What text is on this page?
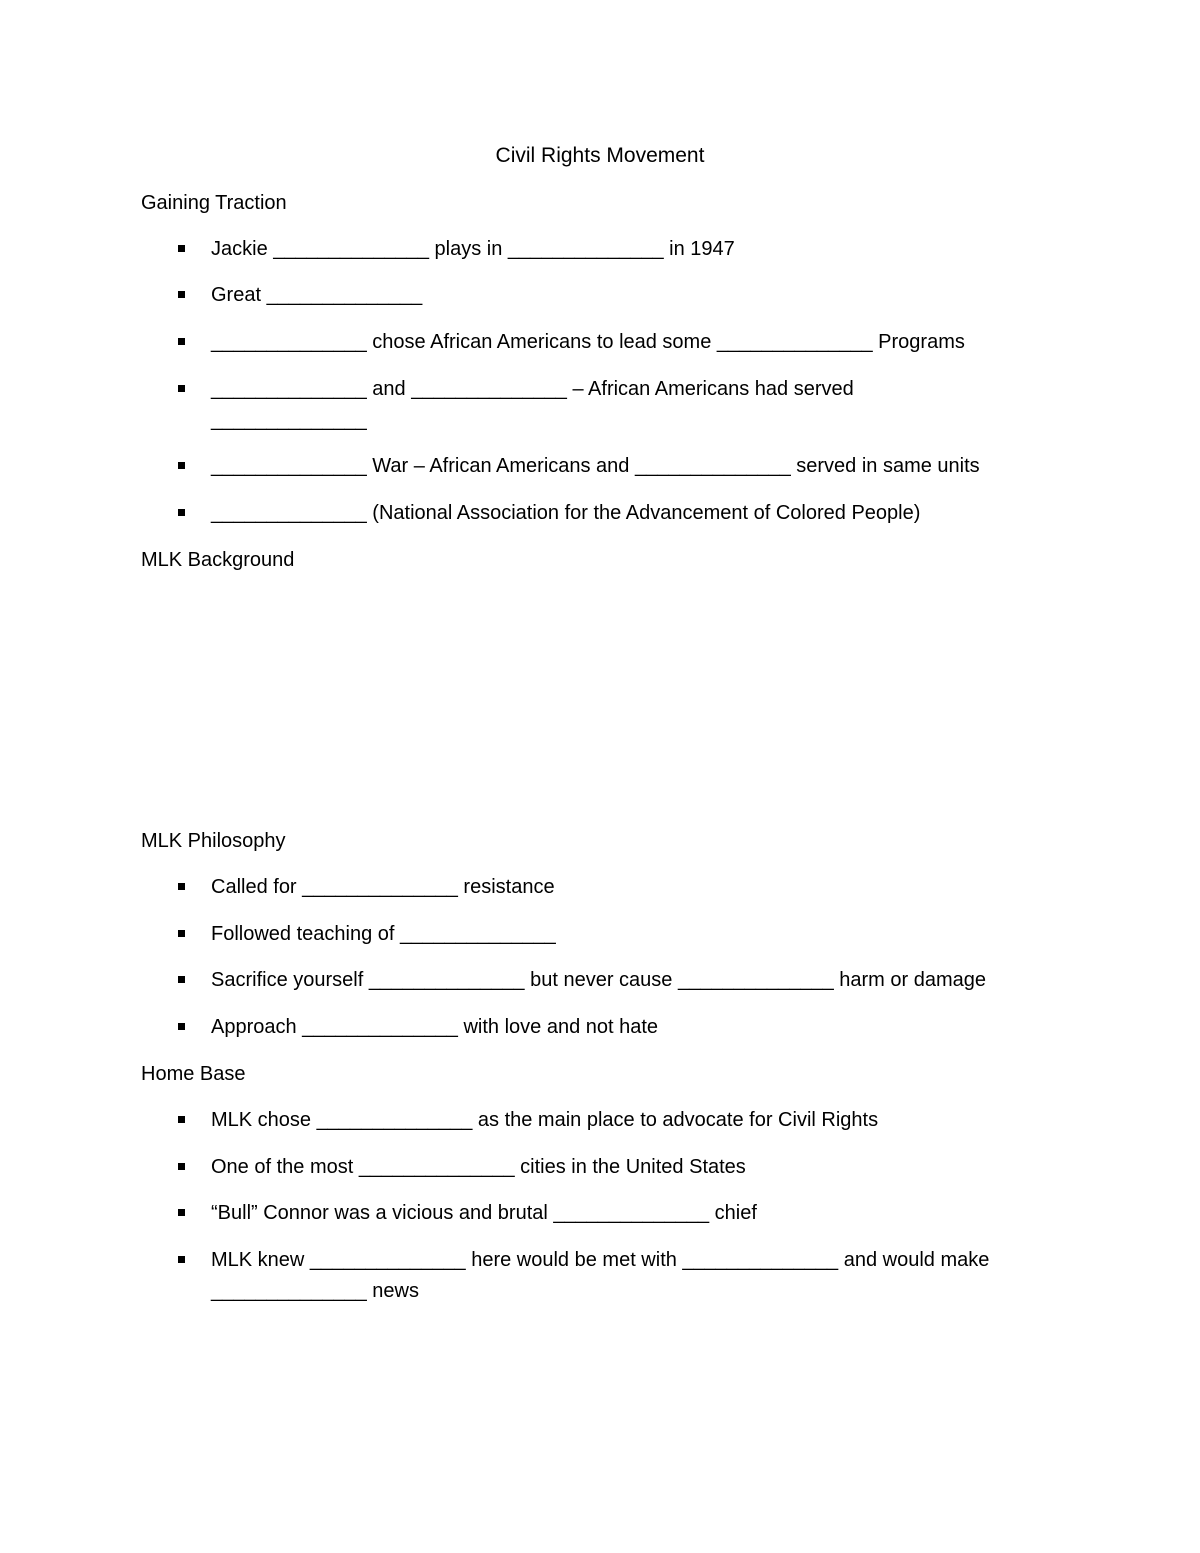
Civil Rights Movement
Gaining Traction
Jackie ______________ plays in ______________ in 1947
Great ______________
______________ chose African Americans to lead some ______________ Programs
______________ and ______________ – African Americans had served ______________
______________ War – African Americans and ______________ served in same units
______________ (National Association for the Advancement of Colored People)
MLK Background
MLK Philosophy
Called for ______________ resistance
Followed teaching of ______________
Sacrifice yourself ______________ but never cause ______________ harm or damage
Approach ______________ with love and not hate
Home Base
MLK chose ______________ as the main place to advocate for Civil Rights
One of the most ______________ cities in the United States
“Bull” Connor was a vicious and brutal ______________ chief
MLK knew ______________ here would be met with ______________ and would make ______________ news
